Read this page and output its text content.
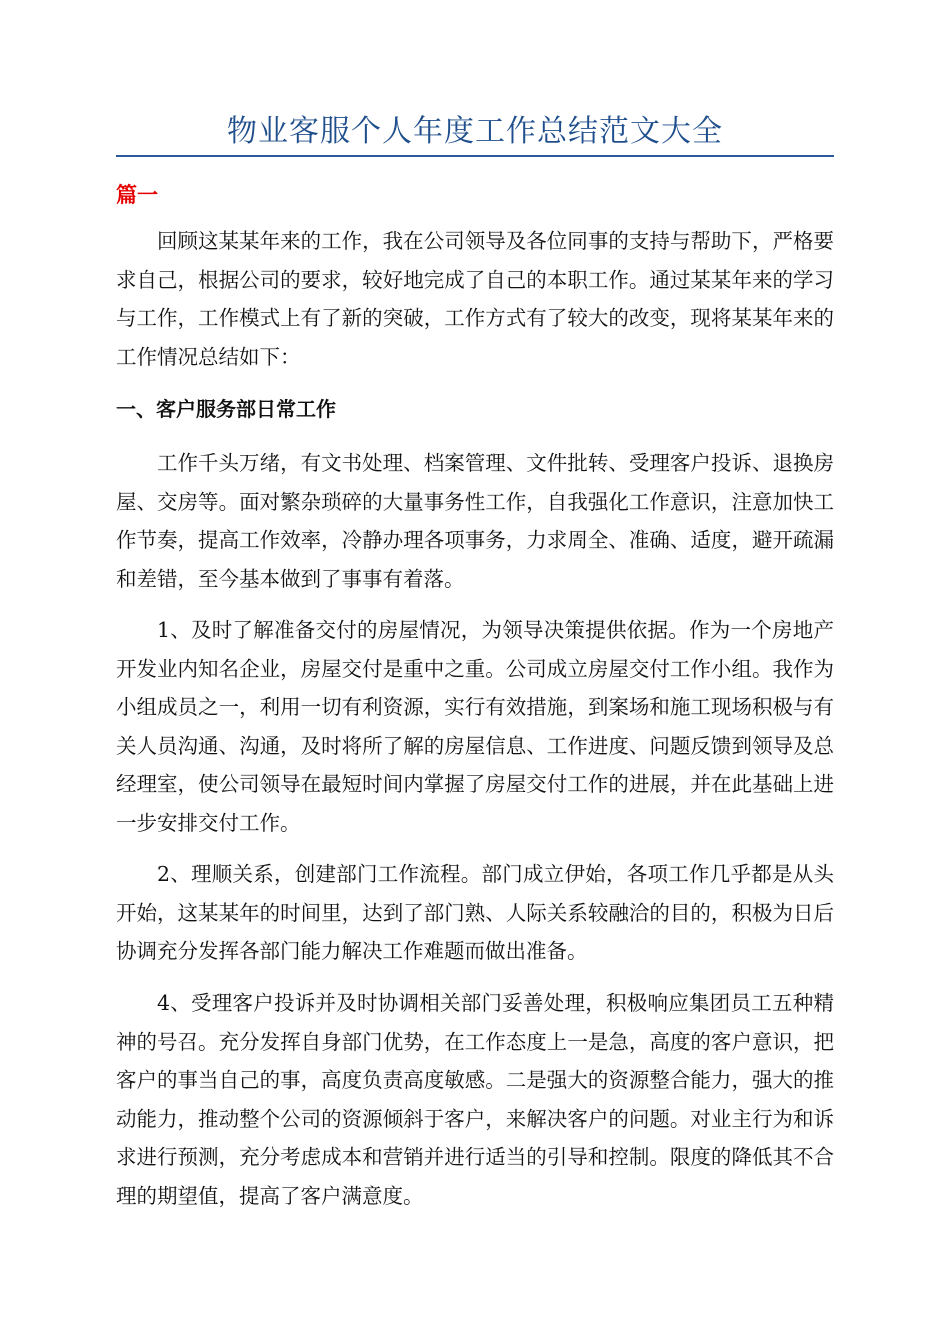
物业客服个人年度工作总结范文大全
篇一

回顾这某某年来的工作，我在公司领导及各位同事的支持与帮助下，严格要求自己，根据公司的要求，较好地完成了自己的本职工作。通过某某年来的学习与工作，工作模式上有了新的突破，工作方式有了较大的改变，现将某某年来的工作情况总结如下：

一、客户服务部日常工作

工作千头万绪，有文书处理、档案管理、文件批转、受理客户投诉、退换房屋、交房等。面对繁杂琐碎的大量事务性工作，自我强化工作意识，注意加快工作节奏，提高工作效率，冷静办理各项事务，力求周全、准确、适度，避开疏漏和差错，至今基本做到了事事有着落。

1、及时了解准备交付的房屋情况，为领导决策提供依据。作为一个房地产开发业内知名企业，房屋交付是重中之重。公司成立房屋交付工作小组。我作为小组成员之一，利用一切有利资源，实行有效措施，到案场和施工现场积极与有关人员沟通、沟通，及时将所了解的房屋信息、工作进度、问题反馈到领导及总经理室，使公司领导在最短时间内掌握了房屋交付工作的进展，并在此基础上进一步安排交付工作。

2、理顺关系，创建部门工作流程。部门成立伊始，各项工作几乎都是从头开始，这某某年的时间里，达到了部门熟、人际关系较融洽的目的，积极为日后协调充分发挥各部门能力解决工作难题而做出准备。

4、受理客户投诉并及时协调相关部门妥善处理，积极响应集团员工五种精神的号召。充分发挥自身部门优势，在工作态度上一是急，高度的客户意识，把客户的事当自己的事，高度负责高度敏感。二是强大的资源整合能力，强大的推动能力，推动整个公司的资源倾斜于客户，来解决客户的问题。对业主行为和诉求进行预测，充分考虑成本和营销并进行适当的引导和控制。限度的降低其不合理的期望值，提高了客户满意度。
